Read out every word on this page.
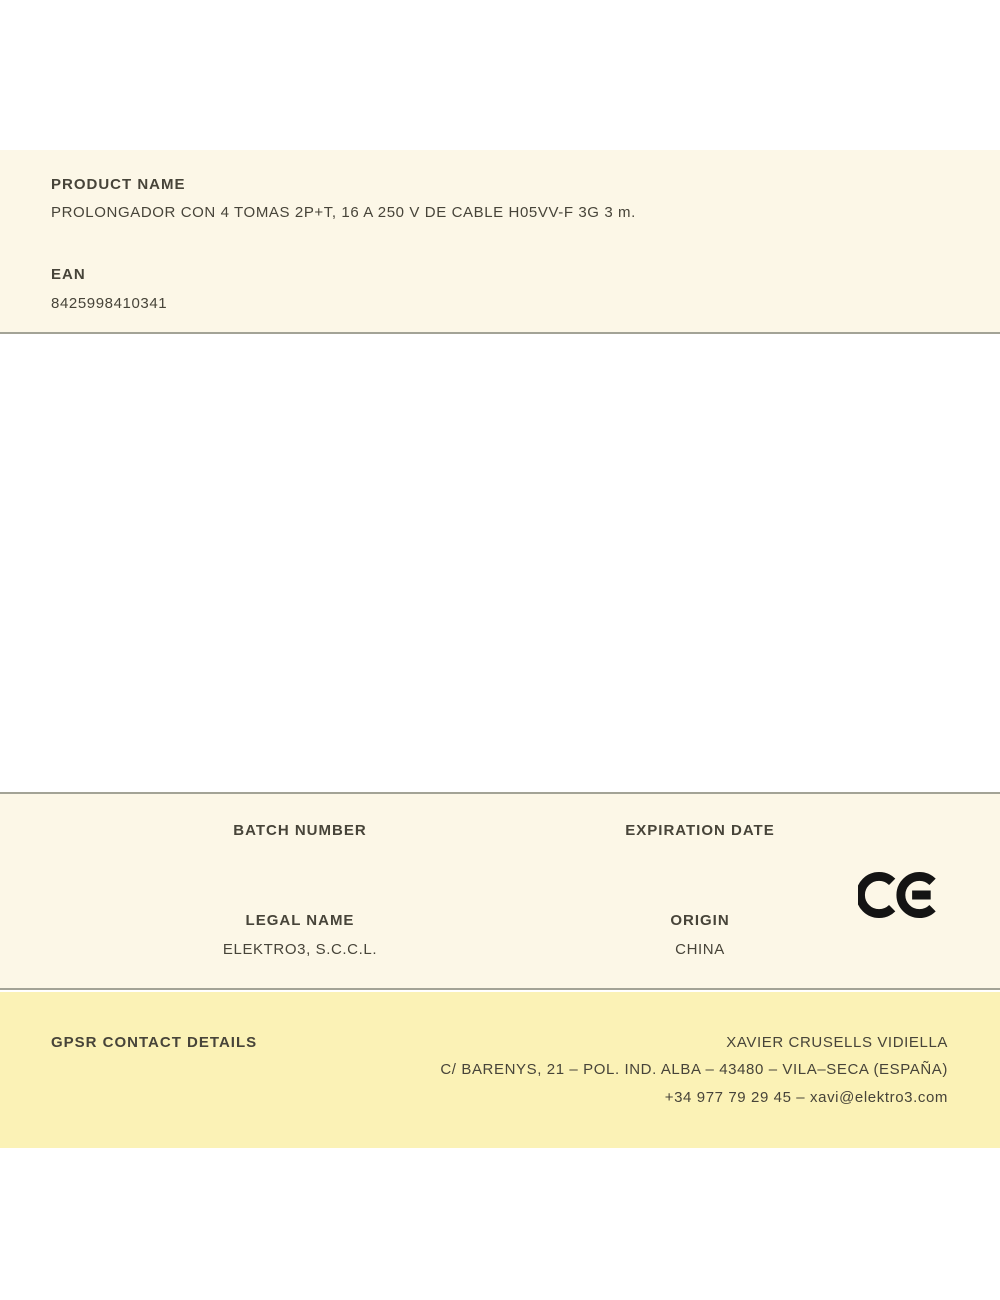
PRODUCT NAME
PROLONGADOR CON 4 TOMAS 2P+T, 16 A 250 V DE CABLE H05VV-F 3G 3 m.
EAN
8425998410341
BATCH NUMBER	EXPIRATION DATE
LEGAL NAME
ELEKTRO3, S.C.C.L.
ORIGIN
CHINA
GPSR CONTACT DETAILS	XAVIER CRUSELLS VIDIELLA
C/ BARENYS, 21 – POL. IND. ALBA – 43480 – VILA–SECA (ESPAÑA)
+34 977 79 29 45 – xavi@elektro3.com
